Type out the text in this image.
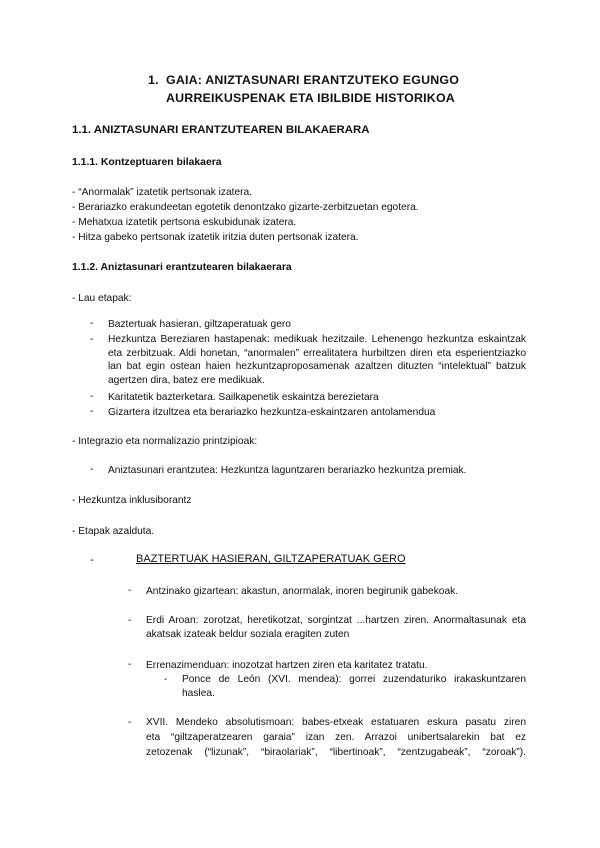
1. GAIA: ANIZTASUNARI ERANTZUTEKO EGUNGO
AURREIKUSPENAK ETA IBILBIDE HISTORIKOA
1.1. ANIZTASUNARI ERANTZUTEAREN BILAKAERARA
1.1.1. Kontzeptuaren bilakaera
- “Anormalak” izatetik pertsonak izatera.
- Berariazko erakundeetan egotetik denontzako gizarte-zerbitzuetan egotera.
- Mehatxua izatetik pertsona eskubidunak izatera.
- Hitza gabeko pertsonak izatetik iritzia duten pertsonak izatera.
1.1.2. Aniztasunari erantzutearen bilakaerara
- Lau etapak:
- Baztertuak hasieran, giltzaperatuak gero
- Hezkuntza Bereziaren hastapenak: medikuak hezitzaile. Lehenengo hezkuntza eskaintzak eta zerbitzuak. Aldi honetan, “anormalen” errealitatera hurbiltzen diren eta esperientziazko lan bat egin ostean haien hezkuntzaproposamenak azaltzen dituzten “intelektual” batzuk agertzen dira, batez ere medikuak.
- Karitatetik bazterketara. Sailkapenetik eskaintza berezietara
- Gizartera itzultzea eta berariazko hezkuntza-eskaintzaren antolamendua
- Integrazio eta normalizazio printzipioak:
- Aniztasunari erantzutea: Hezkuntza laguntzaren berariazko hezkuntza premiak.
- Hezkuntza inklusiborantz
- Etapak azalduta.
-	BAZTERTUAK HASIERAN, GILTZAPERATUAK GERO
- Antzinako gizartean: akastun, anormalak, inoren begirunik gabekoak.
- Erdi Aroan: zorotzat, heretikotzat, sorgintzat ...hartzen ziren. Anormaltasunak eta akatsak izateak beldur soziala eragiten zuten
- Errenazimenduan: inozotzat hartzen ziren eta karitatez tratatu.
- Ponce de León (XVI. mendea): gorrei zuzendaturiko irakaskuntzaren haslea.
- XVII. Mendeko absolutismoan: babes-etxeak estatuaren eskura pasatu ziren
eta “giltzaperatzearen garaia” izan zen. Arrazoi unibertsalarekin bat ez
zetozenak (“lizunak”, “biraolariak”, “libertinoak”, “zentzugabeak”, “zoroak”).
